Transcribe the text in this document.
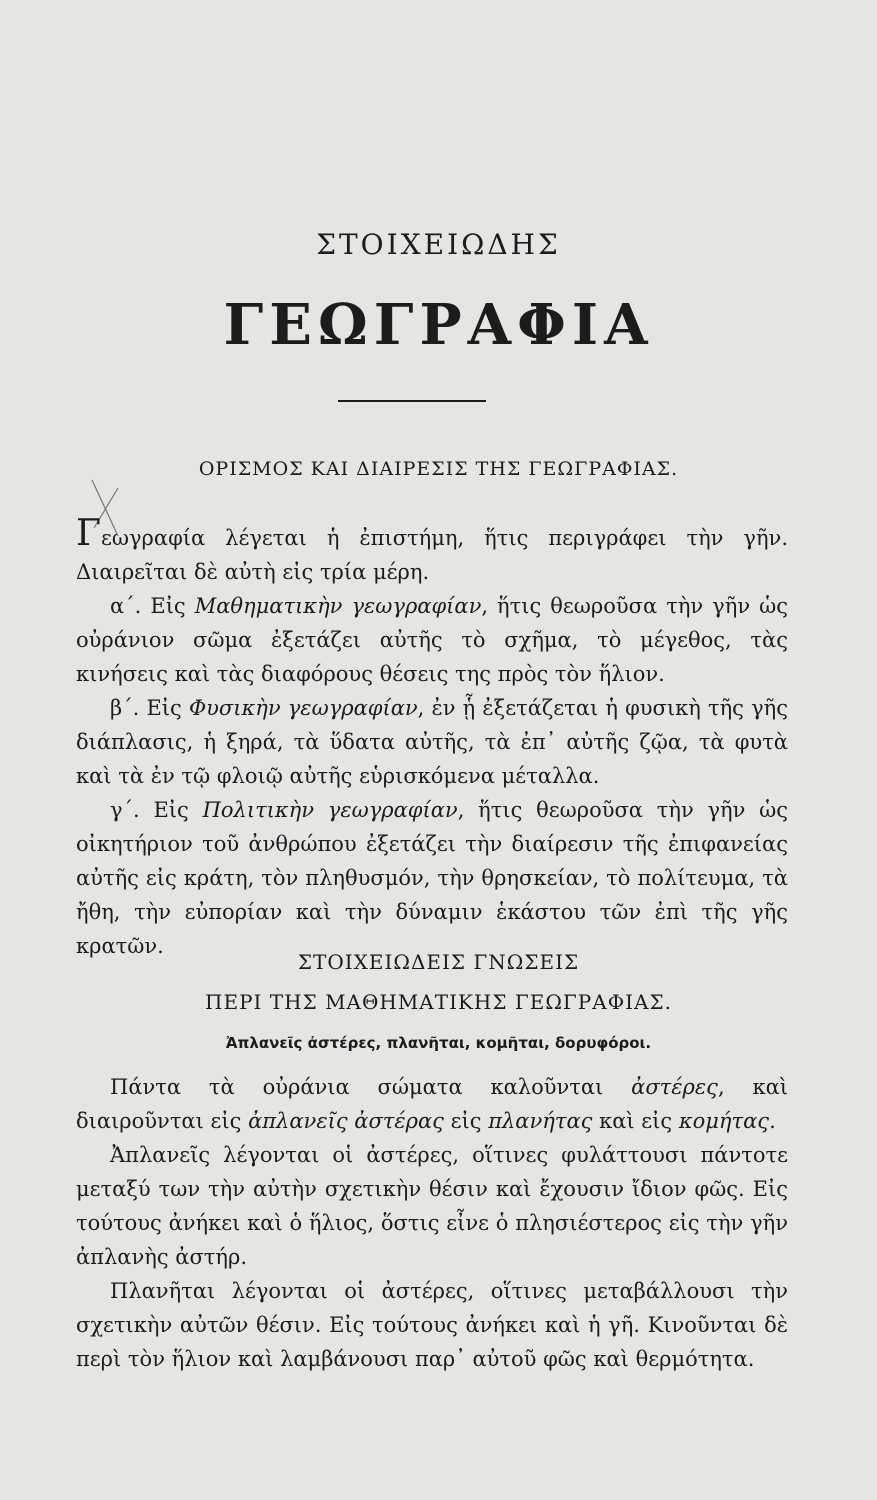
ΣΤΟΙΧΕΙΩΔΗΣ
ΓΕΩΓΡΑΦΙΑ
ΟΡΙΣΜΟΣ ΚΑΙ ΔΙΑΙΡΕΣΙΣ ΤΗΣ ΓΕΩΓΡΑΦΙΑΣ.

Γεωγραφία λέγεται ἡ ἐπιστήμη, ἥτις περιγράφει τὴν γῆν. Διαιρεῖται δὲ αὐτὴ εἰς τρία μέρη.

α΄. Εἰς Μαθηματικὴν γεωγραφίαν, ἥτις θεωροῦσα τὴν γῆν ὡς οὐράνιον σῶμα ἐξετάζει αὐτῆς τὸ σχῆμα, τὸ μέγεθος, τὰς κινήσεις καὶ τὰς διαφόρους θέσεις της πρὸς τὸν ἥλιον.

β΄. Εἰς Φυσικὴν γεωγραφίαν, ἐν ᾗ ἐξετάζεται ἡ φυσικὴ τῆς γῆς διάπλασις, ἡ ξηρά, τὰ ὕδατα αὐτῆς, τὰ ἐπ᾿ αὐτῆς ζῷα, τὰ φυτὰ καὶ τὰ ἐν τῷ φλοιῷ αὐτῆς εὑρισκόμενα μέταλλα.

γ΄. Εἰς Πολιτικὴν γεωγραφίαν, ἥτις θεωροῦσα τὴν γῆν ὡς οἰκητήριον τοῦ ἀνθρώπου ἐξετάζει τὴν διαίρεσιν τῆς ἐπιφανείας αὐτῆς εἰς κράτη, τὸν πληθυσμόν, τὴν θρησκείαν, τὸ πολίτευμα, τὰ ἤθη, τὴν εὐπορίαν καὶ τὴν δύναμιν ἑκάστου τῶν ἐπὶ τῆς γῆς κρατῶν.

ΣΤΟΙΧΕΙΩΔΕΙΣ ΓΝΩΣΕΙΣ
ΠΕΡΙ ΤΗΣ ΜΑΘΗΜΑΤΙΚΗΣ ΓΕΩΓΡΑΦΙΑΣ.
Ἀπλανεῖς ἀστέρες, πλανῆται, κομῆται, δορυφόροι.

Πάντα τὰ οὐράνια σώματα καλοῦνται ἀστέρες, καὶ διαιροῦνται εἰς ἀπλανεῖς ἀστέρας εἰς πλανήτας καὶ εἰς κομήτας.

Ἀπλανεῖς λέγονται οἱ ἀστέρες, οἵτινες φυλάττουσι πάντοτε μεταξύ των τὴν αὐτὴν σχετικὴν θέσιν καὶ ἔχουσιν ἴδιον φῶς. Εἰς τούτους ἀνήκει καὶ ὁ ἥλιος, ὅστις εἶνε ὁ πλησιέστερος εἰς τὴν γῆν ἀπλανὴς ἀστήρ.

Πλανῆται λέγονται οἱ ἀστέρες, οἵτινες μεταβάλλουσι τὴν σχετικὴν αὐτῶν θέσιν. Εἰς τούτους ἀνήκει καὶ ἡ γῆ. Κινοῦνται δὲ περὶ τὸν ἥλιον καὶ λαμβάνουσι παρ᾿ αὐτοῦ φῶς καὶ θερμότητα.
